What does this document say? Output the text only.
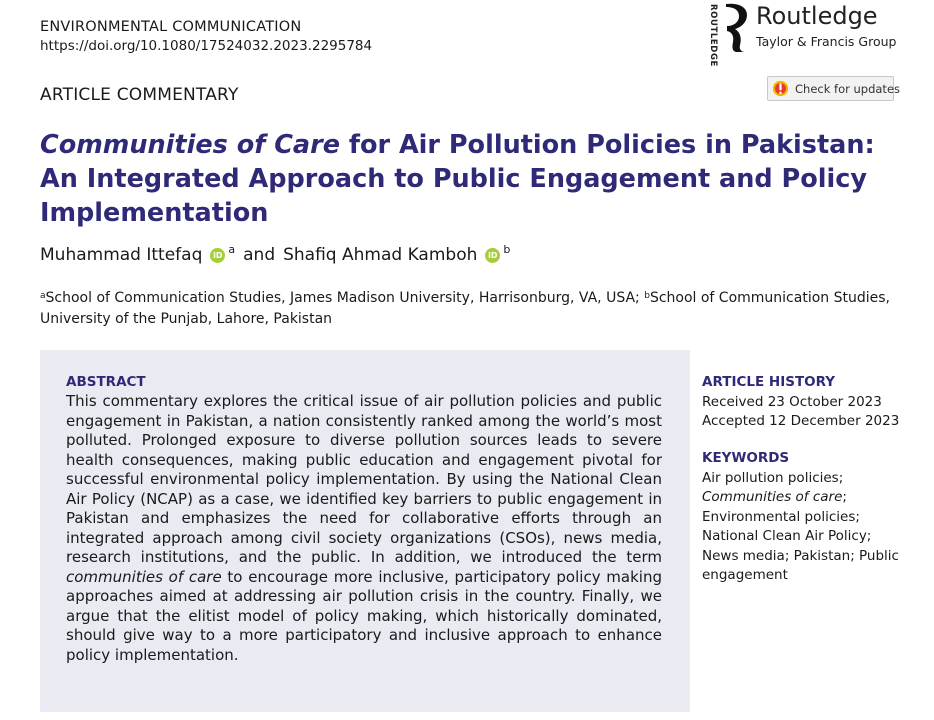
ENVIRONMENTAL COMMUNICATION
https://doi.org/10.1080/17524032.2023.2295784	ROUTLEDGE Routledge
Taylor & Francis Group
ARTICLE COMMENTARY	Check for updates
Communities of Care for Air Pollution Policies in Pakistan: An Integrated Approach to Public Engagement and Policy Implementation
Muhammad Ittefaq	iD a and Shafiq Ahmad Kamboh	iD b
$^a$School of Communication Studies, James Madison University, Harrisonburg, VA, USA; $^b$School of Communication Studies, University of the Punjab, Lahore, Pakistan
ABSTRACT

This commentary explores the critical issue of air pollution policies and public engagement in Pakistan, a nation consistently ranked among the world’s most polluted. Prolonged exposure to diverse pollution sources leads to severe health consequences, making public education and engagement pivotal for successful environmental policy implementation. By using the National Clean Air Policy (NCAP) as a case, we identified key barriers to public engagement in Pakistan and emphasizes the need for collaborative efforts through an integrated approach among civil society organizations (CSOs), news media, research institutions, and the public. In addition, we introduced the term communities of care to encourage more inclusive, participatory policy making approaches aimed at addressing air pollution crisis in the country. Finally, we argue that the elitist model of policy making, which historically dominated, should give way to a more participatory and inclusive approach to enhance policy implementation.

ARTICLE HISTORY
Received 23 October 2023
Accepted 12 December 2023
KEYWORDS
Air pollution policies;
Communities of care;
Environmental policies;
National Clean Air Policy;
News media; Pakistan; Public engagement
